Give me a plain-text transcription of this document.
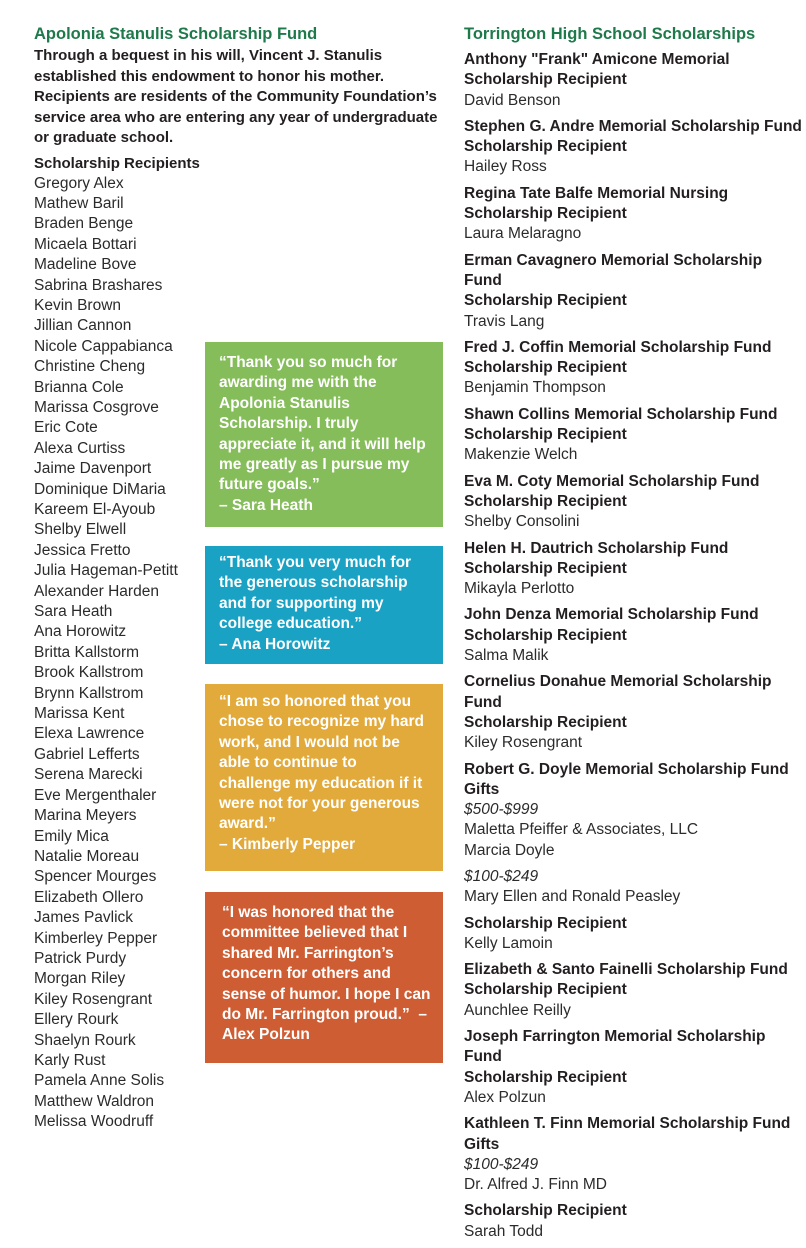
Apolonia Stanulis Scholarship Fund

Through a bequest in his will, Vincent J. Stanulis established this endowment to honor his mother. Recipients are residents of the Community Foundation’s service area who are entering any year of undergraduate or graduate school.

Scholarship Recipients

Gregory Alex
Mathew Baril
Braden Benge
Micaela Bottari
Madeline Bove
Sabrina Brashares
Kevin Brown
Jillian Cannon
Nicole Cappabianca
Christine Cheng
Brianna Cole
Marissa Cosgrove
Eric Cote
Alexa Curtiss
Jaime Davenport
Dominique DiMaria
Kareem El-Ayoub
Shelby Elwell
Jessica Fretto
Julia Hageman-Petitt
Alexander Harden
Sara Heath
Ana Horowitz
Britta Kallstorm
Brook Kallstrom
Brynn Kallstrom
Marissa Kent
Elexa Lawrence
Gabriel Lefferts
Serena Marecki
Eve Mergenthaler
Marina Meyers
Emily Mica
Natalie Moreau
Spencer Mourges
Elizabeth Ollero
James Pavlick
Kimberley Pepper
Patrick Purdy
Morgan Riley
Kiley Rosengrant
Ellery Rourk
Shaelyn Rourk
Karly Rust
Pamela Anne Solis
Matthew Waldron
Melissa Woodruff

“Thank you so much for awarding me with the Apolonia Stanulis Scholarship. I truly appreciate it, and it will help me greatly as I pursue my future goals.”

– Sara Heath

“Thank you very much for the generous scholarship and for supporting my college education.”

– Ana Horowitz

“I am so honored that you chose to recognize my hard work, and I would not be able to continue to challenge my education if it were not for your generous award.”

– Kimberly Pepper

“I was honored that the committee believed that I shared Mr. Farrington’s concern for others and sense of humor. I hope I can do Mr. Farrington proud.” – Alex Polzun

Torrington High School Scholarships

Anthony "Frank" Amicone Memorial

Scholarship Recipient

David Benson

Stephen G. Andre Memorial Scholarship Fund

Scholarship Recipient

Hailey Ross

Regina Tate Balfe Memorial Nursing

Scholarship Recipient

Laura Melaragno

Erman Cavagnero Memorial Scholarship Fund

Scholarship Recipient

Travis Lang

Fred J. Coffin Memorial Scholarship Fund

Scholarship Recipient

Benjamin Thompson

Shawn Collins Memorial Scholarship Fund

Scholarship Recipient

Makenzie Welch

Eva M. Coty Memorial Scholarship Fund

Scholarship Recipient

Shelby Consolini

Helen H. Dautrich Scholarship Fund

Scholarship Recipient

Mikayla Perlotto

John Denza Memorial Scholarship Fund

Scholarship Recipient

Salma Malik

Cornelius Donahue Memorial Scholarship Fund

Scholarship Recipient

Kiley Rosengrant

Robert G. Doyle Memorial Scholarship Fund

Gifts

$500-$999

Maletta Pfeiffer & Associates, LLC

Marcia Doyle

$100-$249

Mary Ellen and Ronald Peasley

Scholarship Recipient

Kelly Lamoin

Elizabeth & Santo Fainelli Scholarship Fund

Scholarship Recipient

Aunchlee Reilly

Joseph Farrington Memorial Scholarship Fund

Scholarship Recipient

Alex Polzun

Kathleen T. Finn Memorial Scholarship Fund

Gifts

$100-$249

Dr. Alfred J. Finn MD

Scholarship Recipient

Sarah Todd
